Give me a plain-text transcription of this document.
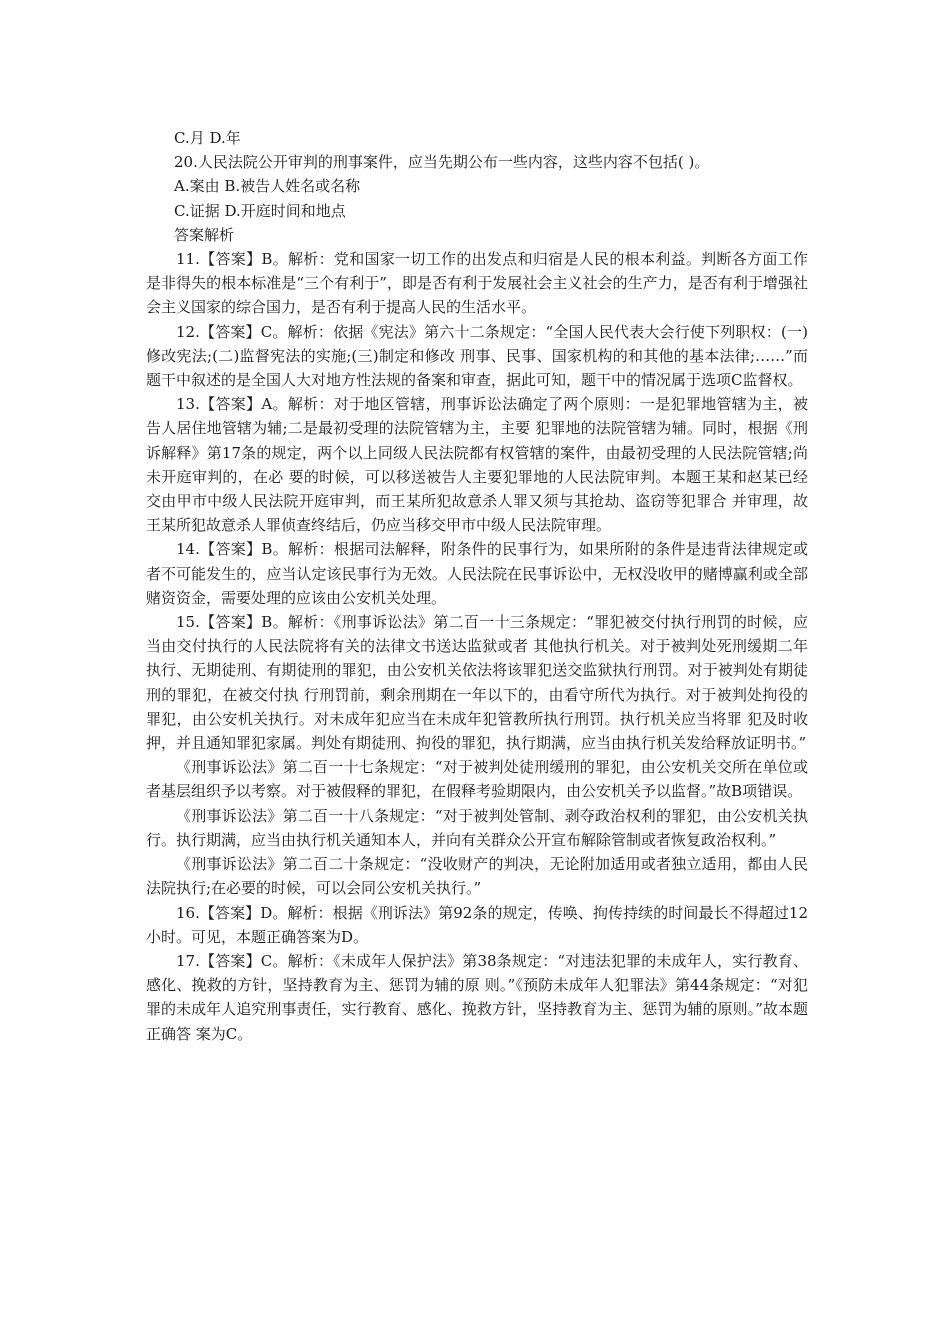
C.月 D.年

20.人民法院公开审判的刑事案件，应当先期公布一些内容，这些内容不包括( )。

A.案由 B.被告人姓名或名称

C.证据 D.开庭时间和地点

答案解析

11.【答案】B。解析：党和国家一切工作的出发点和归宿是人民的根本利益。判断各方面工作是非得失的根本标准是“三个有利于”，即是否有利于发展社会主义社会的生产力，是否有利于增强社会主义国家的综合国力，是否有利于提高人民的生活水平。

12.【答案】C。解析：依据《宪法》第六十二条规定：“全国人民代表大会行使下列职权：(一)修改宪法;(二)监督宪法的实施;(三)制定和修改 刑事、民事、国家机构的和其他的基本法律;……”而题干中叙述的是全国人大对地方性法规的备案和审查，据此可知，题干中的情况属于选项C监督权。

13.【答案】A。解析：对于地区管辖，刑事诉讼法确定了两个原则：一是犯罪地管辖为主，被告人居住地管辖为辅;二是最初受理的法院管辖为主，主要 犯罪地的法院管辖为辅。同时，根据《刑诉解释》第17条的规定，两个以上同级人民法院都有权管辖的案件，由最初受理的人民法院管辖;尚未开庭审判的，在必 要的时候，可以移送被告人主要犯罪地的人民法院审判。本题王某和赵某已经交由甲市中级人民法院开庭审判，而王某所犯故意杀人罪又须与其抢劫、盗窃等犯罪合 并审理，故王某所犯故意杀人罪侦查终结后，仍应当移交甲市中级人民法院审理。

14.【答案】B。解析：根据司法解释，附条件的民事行为，如果所附的条件是违背法律规定或者不可能发生的，应当认定该民事行为无效。人民法院在民事诉讼中，无权没收甲的赌博赢利或全部赌资资金，需要处理的应该由公安机关处理。

15.【答案】B。解析：《刑事诉讼法》第二百一十三条规定：“罪犯被交付执行刑罚的时候，应当由交付执行的人民法院将有关的法律文书送达监狱或者 其他执行机关。对于被判处死刑缓期二年执行、无期徒刑、有期徒刑的罪犯，由公安机关依法将该罪犯送交监狱执行刑罚。对于被判处有期徒刑的罪犯，在被交付执 行刑罚前，剩余刑期在一年以下的，由看守所代为执行。对于被判处拘役的罪犯，由公安机关执行。对未成年犯应当在未成年犯管教所执行刑罚。执行机关应当将罪 犯及时收押，并且通知罪犯家属。判处有期徒刑、拘役的罪犯，执行期满，应当由执行机关发给释放证明书。”

《刑事诉讼法》第二百一十七条规定：“对于被判处徒刑缓刑的罪犯，由公安机关交所在单位或者基层组织予以考察。对于被假释的罪犯，在假释考验期限内，由公安机关予以监督。”故B项错误。

《刑事诉讼法》第二百一十八条规定：“对于被判处管制、剥夺政治权利的罪犯，由公安机关执行。执行期满，应当由执行机关通知本人，并向有关群众公开宣布解除管制或者恢复政治权利。”

《刑事诉讼法》第二百二十条规定：“没收财产的判决，无论附加适用或者独立适用，都由人民法院执行;在必要的时候，可以会同公安机关执行。”

16.【答案】D。解析：根据《刑诉法》第92条的规定，传唤、拘传持续的时间最长不得超过12小时。可见，本题正确答案为D。

17.【答案】C。解析：《未成年人保护法》第38条规定：“对违法犯罪的未成年人，实行教育、感化、挽救的方针，坚持教育为主、惩罚为辅的原 则。”《预防未成年人犯罪法》第44条规定：“对犯罪的未成年人追究刑事责任，实行教育、感化、挽救方针，坚持教育为主、惩罚为辅的原则。”故本题正确答 案为C。
